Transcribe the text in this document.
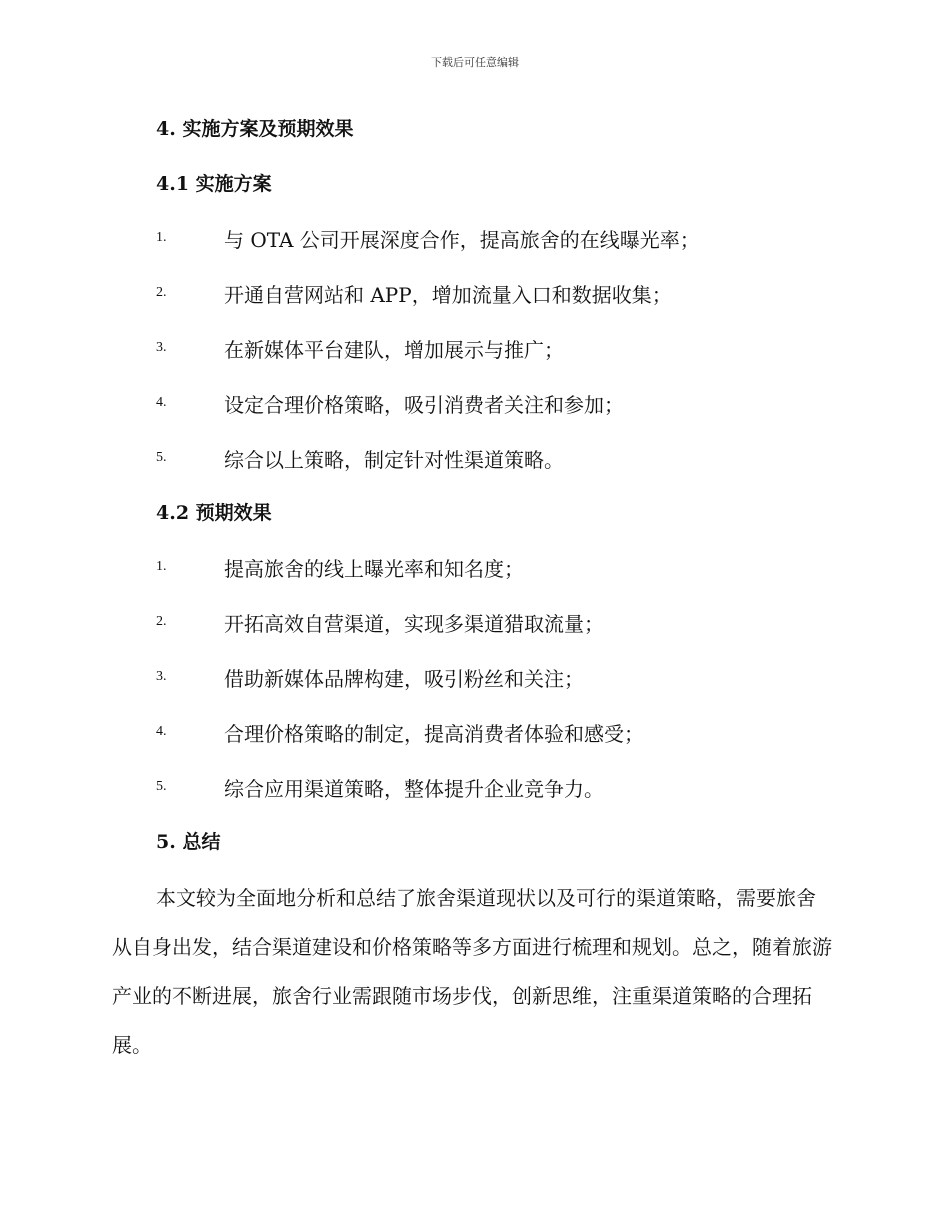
下载后可任意编辑
4. 实施方案及预期效果
4.1 实施方案
1.	与 OTA 公司开展深度合作，提高旅舍的在线曝光率；
2.	开通自营网站和 APP，增加流量入口和数据收集；
3.	在新媒体平台建队，增加展示与推广；
4.	设定合理价格策略，吸引消费者关注和参加；
5.	综合以上策略，制定针对性渠道策略。
4.2 预期效果
1.	提高旅舍的线上曝光率和知名度；
2.	开拓高效自营渠道，实现多渠道猎取流量；
3.	借助新媒体品牌构建，吸引粉丝和关注；
4.	合理价格策略的制定，提高消费者体验和感受；
5.	综合应用渠道策略，整体提升企业竞争力。
5. 总结
本文较为全面地分析和总结了旅舍渠道现状以及可行的渠道策略，需要旅舍从自身出发，结合渠道建设和价格策略等多方面进行梳理和规划。总之，随着旅游产业的不断进展，旅舍行业需跟随市场步伐，创新思维，注重渠道策略的合理拓展。
